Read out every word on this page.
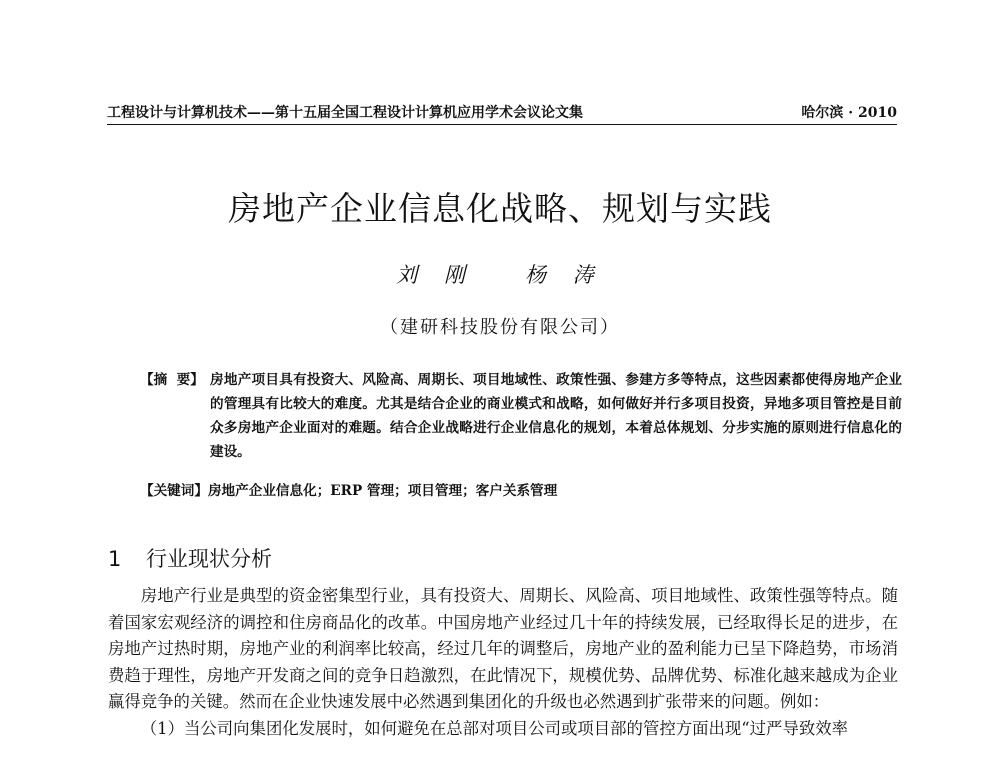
工程设计与计算机技术——第十五届全国工程设计计算机应用学术会议论文集	哈尔滨 · 2010
房地产企业信息化战略、规划与实践
刘 刚   杨 涛
（建研科技股份有限公司）
【摘  要】 房地产项目具有投资大、风险高、周期长、项目地域性、政策性强、参建方多等特点，这些因素都使得房地产企业的管理具有比较大的难度。尤其是结合企业的商业模式和战略，如何做好并行多项目投资，异地多项目管控是目前众多房地产企业面对的难题。结合企业战略进行企业信息化的规划，本着总体规划、分步实施的原则进行信息化的建设。
【关键词】房地产企业信息化；ERP 管理；项目管理；客户关系管理
1 行业现状分析

房地产行业是典型的资金密集型行业，具有投资大、周期长、风险高、项目地域性、政策性强等特点。随着国家宏观经济的调控和住房商品化的改革。中国房地产业经过几十年的持续发展，已经取得长足的进步，在房地产过热时期，房地产业的利润率比较高，经过几年的调整后，房地产业的盈利能力已呈下降趋势，市场消费趋于理性，房地产开发商之间的竞争日趋激烈，在此情况下，规模优势、品牌优势、标准化越来越成为企业赢得竞争的关键。然而在企业快速发展中必然遇到集团化的升级也必然遇到扩张带来的问题。例如：

（1）当公司向集团化发展时，如何避免在总部对项目公司或项目部的管控方面出现“过严导致效率
